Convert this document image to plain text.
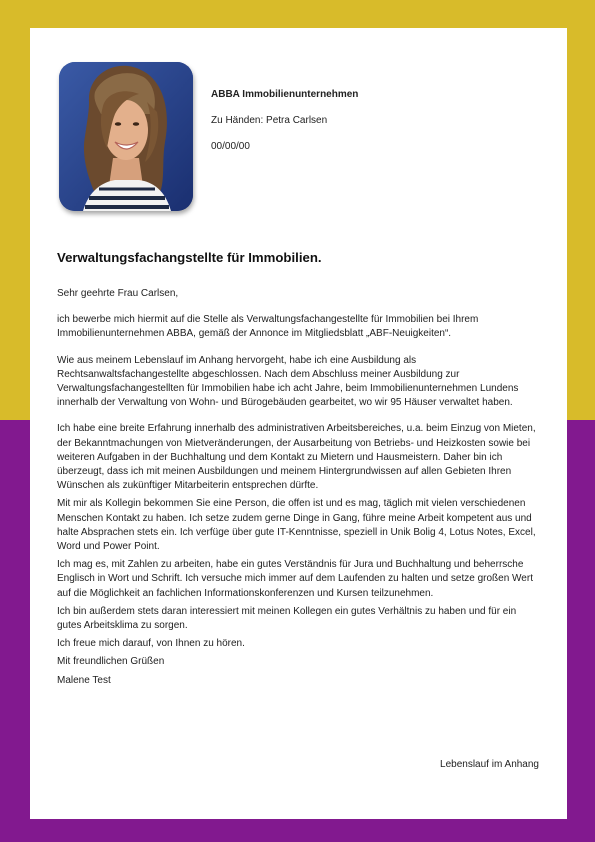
ABBA Immobilienunternehmen
Zu Händen: Petra Carlsen
00/00/00
Verwaltungsfachangstellte für Immobilien.

Sehr geehrte Frau Carlsen,

ich bewerbe mich hiermit auf die Stelle als Verwaltungsfachangestellte für Immobilien bei Ihrem Immobilienunternehmen ABBA, gemäß der Annonce im Mitgliedsblatt „ABF-Neuigkeiten“.

Wie aus meinem Lebenslauf im Anhang hervorgeht, habe ich eine Ausbildung als Rechtsanwaltsfachangestellte abgeschlossen. Nach dem Abschluss meiner Ausbildung zur Verwaltungsfachangestellten für Immobilien habe ich acht Jahre, beim Immobilienunternehmen Lundens innerhalb der Verwaltung von Wohn- und Bürogebäuden gearbeitet, wo wir 95 Häuser verwaltet haben.

Ich habe eine breite Erfahrung innerhalb des administrativen Arbeitsbereiches, u.a. beim Einzug von Mieten, der Bekanntmachungen von Mietveränderungen, der Ausarbeitung von Betriebs- und Heizkosten sowie bei weiteren Aufgaben in der Buchhaltung und dem Kontakt zu Mietern und Hausmeistern. Daher bin ich überzeugt, dass ich mit meinen Ausbildungen und meinem Hintergrundwissen auf allen Gebieten Ihren Wünschen als zukünftiger Mitarbeiterin entsprechen dürfte.

Mit mir als Kollegin bekommen Sie eine Person, die offen ist und es mag, täglich mit vielen verschiedenen Menschen Kontakt zu haben. Ich setze zudem gerne Dinge in Gang, führe meine Arbeit kompetent aus und halte Absprachen stets ein. Ich verfüge über gute IT-Kenntnisse, speziell in Unik Bolig 4, Lotus Notes, Excel, Word und Power Point.

Ich mag es, mit Zahlen zu arbeiten, habe ein gutes Verständnis für Jura und Buchhaltung und beherrsche Englisch in Wort und Schrift. Ich versuche mich immer auf dem Laufenden zu halten und setze großen Wert auf die Möglichkeit an fachlichen Informationskonferenzen und Kursen teilzunehmen.

Ich bin außerdem stets daran interessiert mit meinen Kollegen ein gutes Verhältnis zu haben und für ein gutes Arbeitsklima zu sorgen.

Ich freue mich darauf, von Ihnen zu hören.

Mit freundlichen Grüßen

Malene Test

Lebenslauf im Anhang
